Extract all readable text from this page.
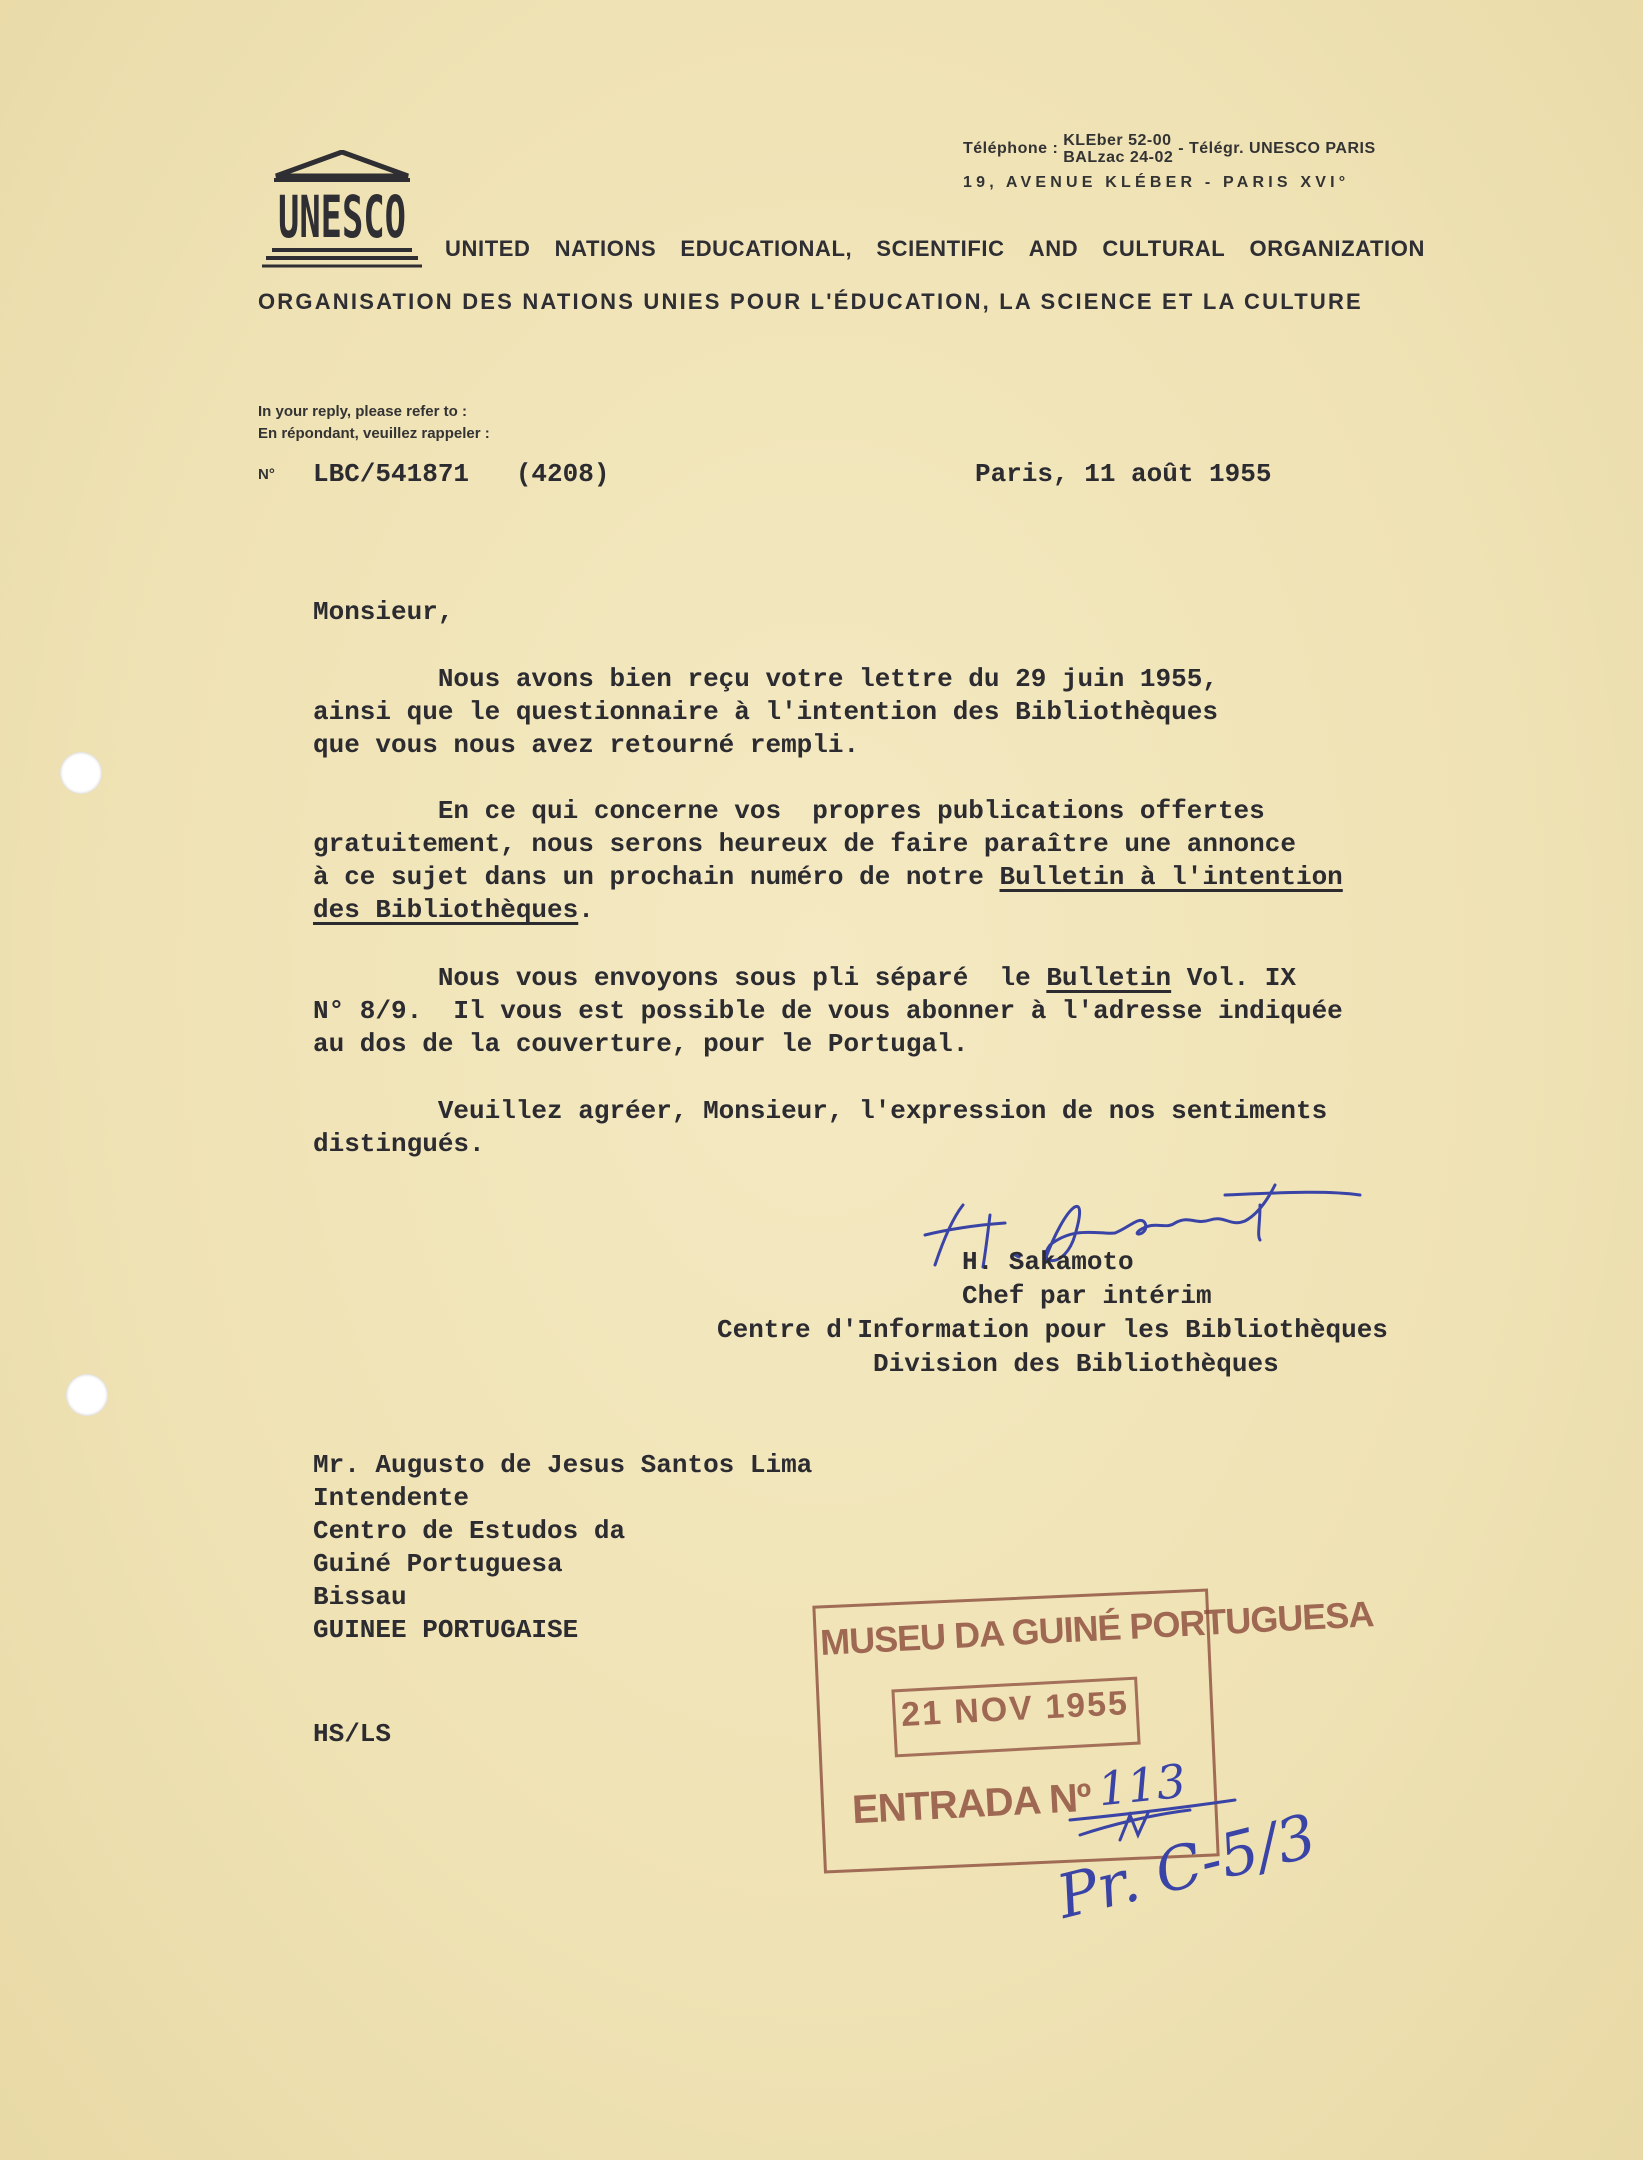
UNESCO
Téléphone : KLEber 52-00
BALzac 24-02 - Télégr. UNESCO PARIS
19, AVENUE KLÉBER - PARIS XVI°
UNITED NATIONS EDUCATIONAL, SCIENTIFIC AND CULTURAL ORGANIZATION
ORGANISATION DES NATIONS UNIES POUR L'ÉDUCATION, LA SCIENCE ET LA CULTURE
In your reply, please refer to :
En répondant, veuillez rappeler :
N° LBC/541871   (4208)	Paris, 11 août 1955
Monsieur,
Nous avons bien reçu votre lettre du 29 juin 1955,
ainsi que le questionnaire à l'intention des Bibliothèques
que vous nous avez retourné rempli.
En ce qui concerne vos  propres publications offertes
gratuitement, nous serons heureux de faire paraître une annonce
à ce sujet dans un prochain numéro de notre Bulletin à l'intention
des Bibliothèques.
Nous vous envoyons sous pli séparé  le Bulletin Vol. IX
N° 8/9.  Il vous est possible de vous abonner à l'adresse indiquée
au dos de la couverture, pour le Portugal.
Veuillez agréer, Monsieur, l'expression de nos sentiments
distingués.
H. Sakamoto
H. Sakamoto
Chef par intérim
Centre d'Information pour les Bibliothèques
Division des Bibliothèques
Mr. Augusto de Jesus Santos Lima
Intendente
Centro de Estudos da
Guiné Portuguesa
Bissau
GUINEE PORTUGAISE
HS/LS
MUSEU DA GUINÉ PORTUGUESA
21 NOV 1955
ENTRADA Nº 113
Pr. C-5/3
